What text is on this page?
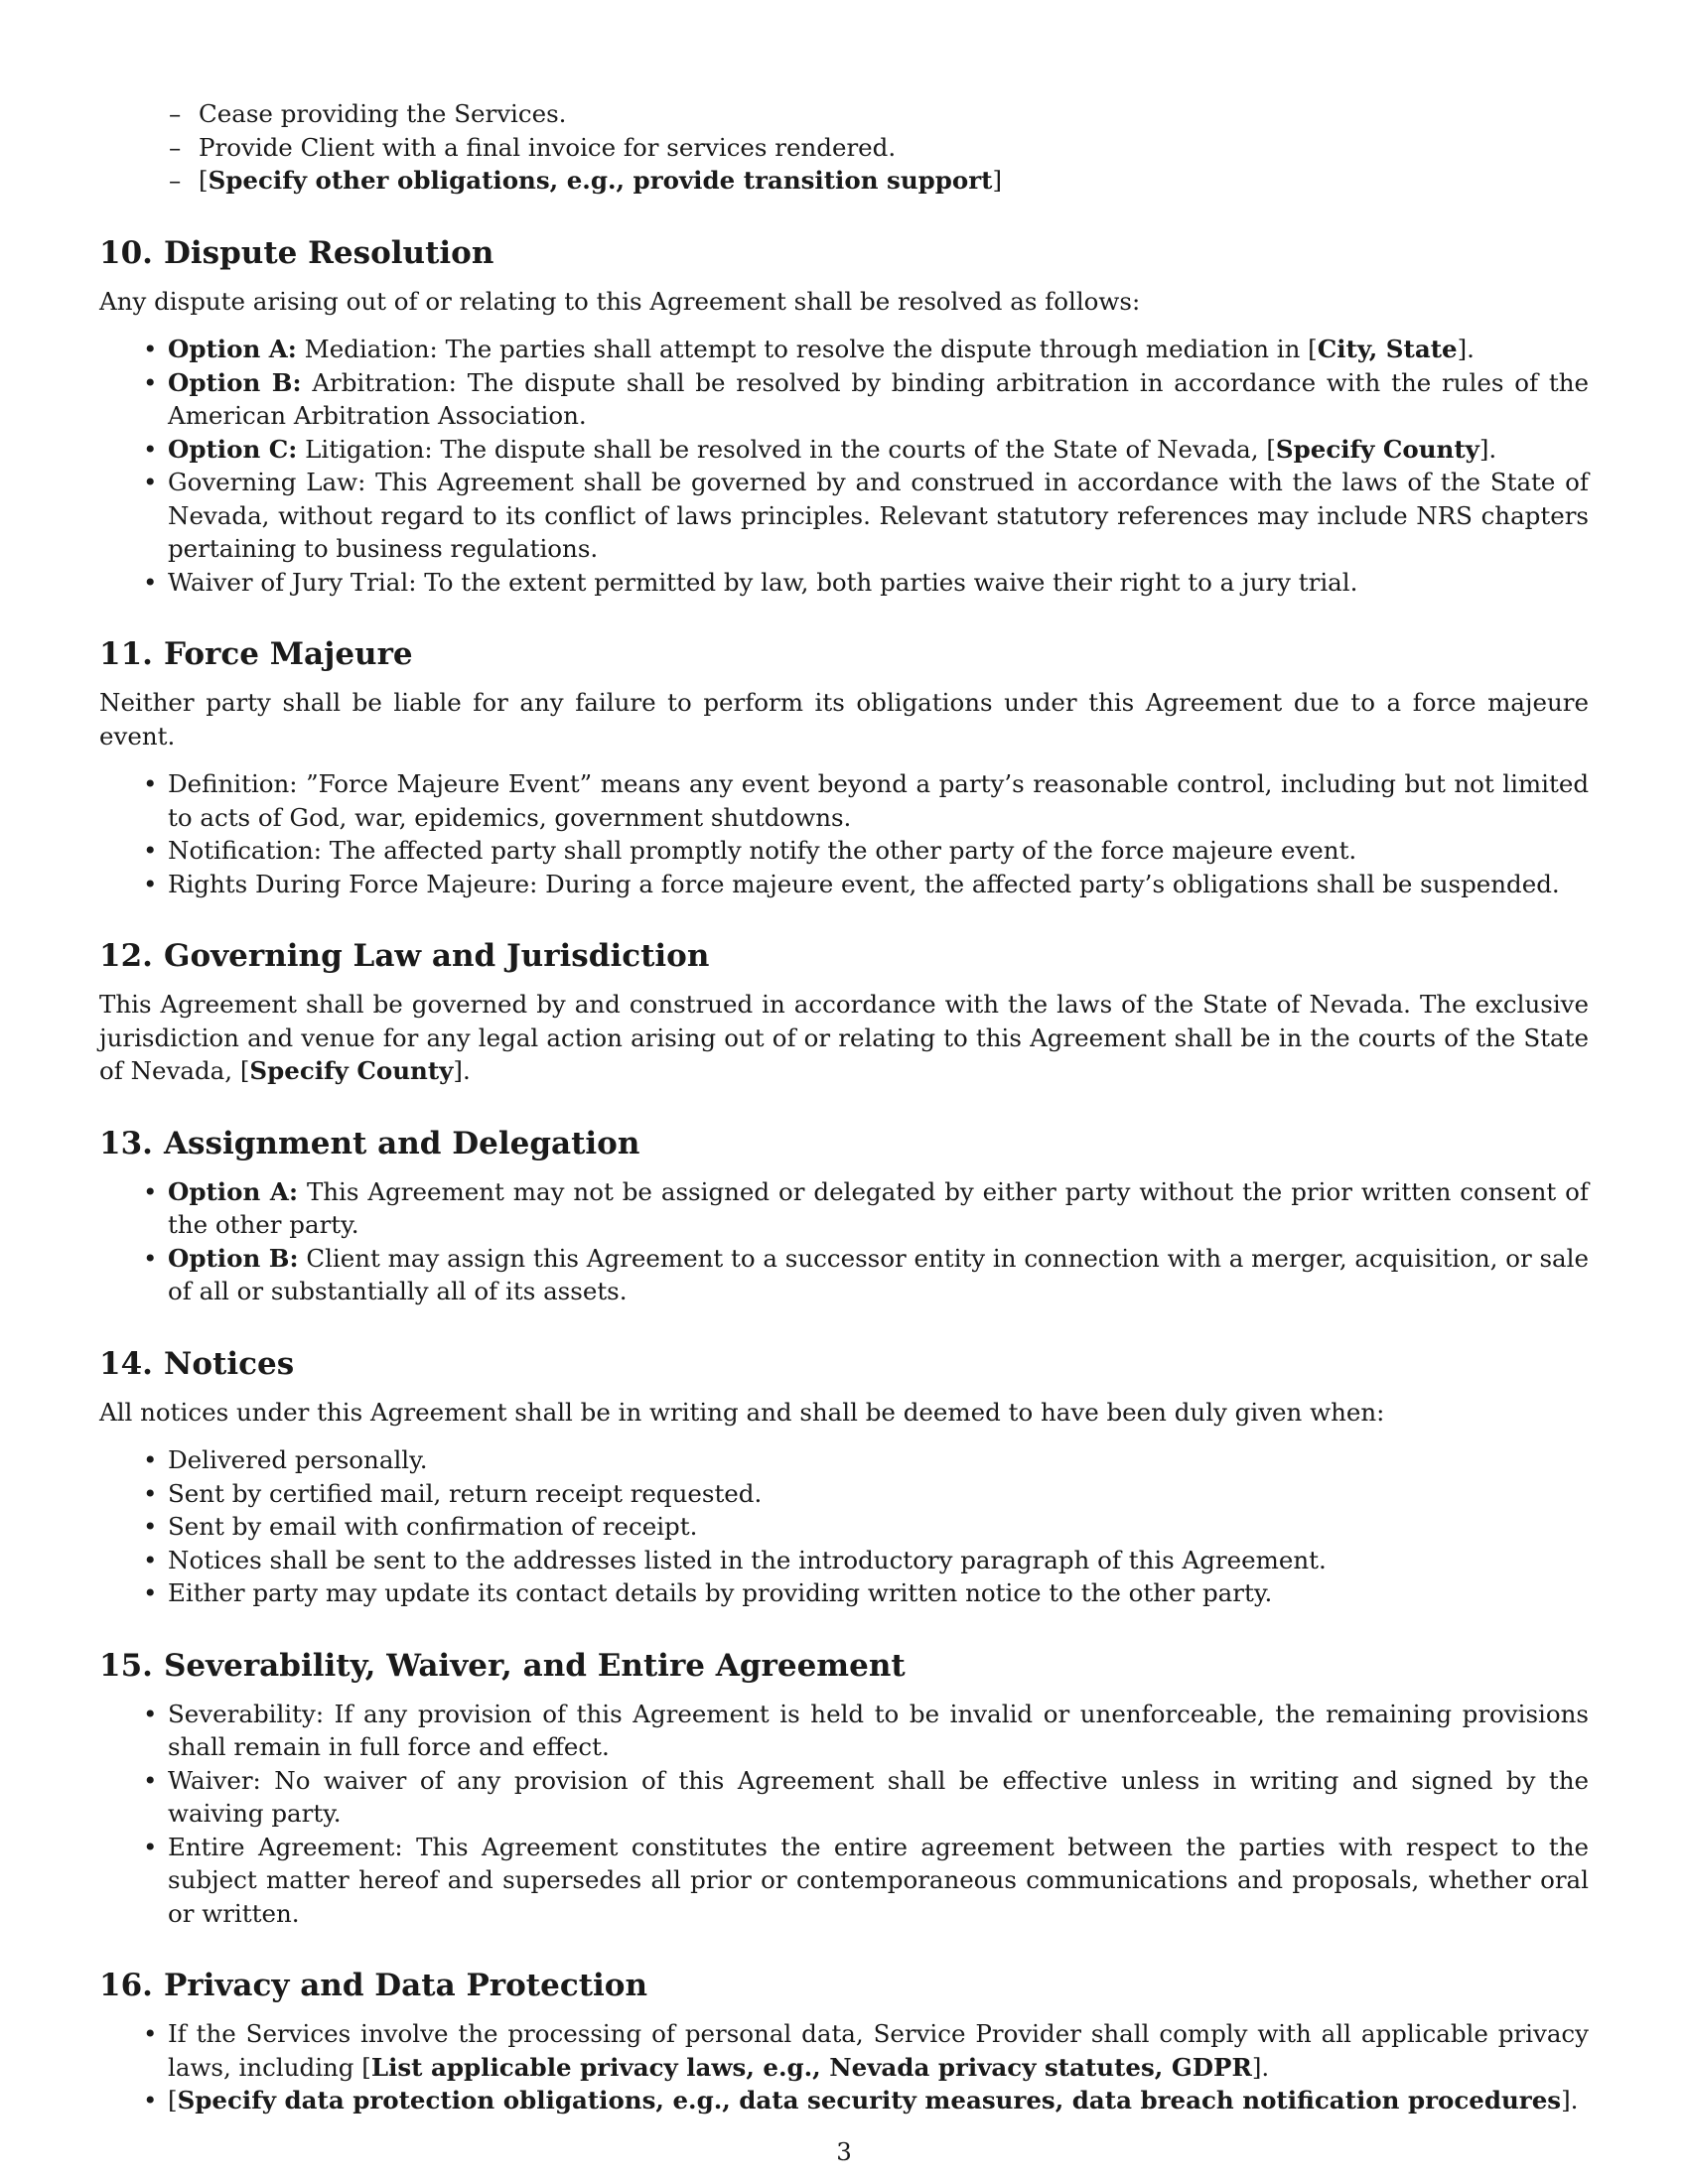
– Cease providing the Services.
– Provide Client with a final invoice for services rendered.
– [Specify other obligations, e.g., provide transition support]
10. Dispute Resolution

Any dispute arising out of or relating to this Agreement shall be resolved as follows:

• Option A: Mediation: The parties shall attempt to resolve the dispute through mediation in [City, State].
• Option B: Arbitration: The dispute shall be resolved by binding arbitration in accordance with the rules of the American Arbitration Association.
• Option C: Litigation: The dispute shall be resolved in the courts of the State of Nevada, [Specify County].
• Governing Law: This Agreement shall be governed by and construed in accordance with the laws of the State of Nevada, without regard to its conflict of laws principles. Relevant statutory references may include NRS chapters pertaining to business regulations.
• Waiver of Jury Trial: To the extent permitted by law, both parties waive their right to a jury trial.
11. Force Majeure

Neither party shall be liable for any failure to perform its obligations under this Agreement due to a force majeure event.

• Definition: ”Force Majeure Event” means any event beyond a party’s reasonable control, including but not limited to acts of God, war, epidemics, government shutdowns.
• Notification: The affected party shall promptly notify the other party of the force majeure event.
• Rights During Force Majeure: During a force majeure event, the affected party’s obligations shall be suspended.
12. Governing Law and Jurisdiction

This Agreement shall be governed by and construed in accordance with the laws of the State of Nevada. The exclusive jurisdiction and venue for any legal action arising out of or relating to this Agreement shall be in the courts of the State of Nevada, [Specify County].

13. Assignment and Delegation
• Option A: This Agreement may not be assigned or delegated by either party without the prior written consent of the other party.
• Option B: Client may assign this Agreement to a successor entity in connection with a merger, acquisition, or sale of all or substantially all of its assets.
14. Notices

All notices under this Agreement shall be in writing and shall be deemed to have been duly given when:

• Delivered personally.
• Sent by certified mail, return receipt requested.
• Sent by email with confirmation of receipt.
• Notices shall be sent to the addresses listed in the introductory paragraph of this Agreement.
• Either party may update its contact details by providing written notice to the other party.
15. Severability, Waiver, and Entire Agreement
• Severability: If any provision of this Agreement is held to be invalid or unenforceable, the remaining provisions shall remain in full force and effect.
• Waiver: No waiver of any provision of this Agreement shall be effective unless in writing and signed by the waiving party.
• Entire Agreement: This Agreement constitutes the entire agreement between the parties with respect to the subject matter hereof and supersedes all prior or contemporaneous communications and proposals, whether oral or written.
16. Privacy and Data Protection
• If the Services involve the processing of personal data, Service Provider shall comply with all applicable privacy laws, including [List applicable privacy laws, e.g., Nevada privacy statutes, GDPR].
• [Specify data protection obligations, e.g., data security measures, data breach notification procedures].
3
